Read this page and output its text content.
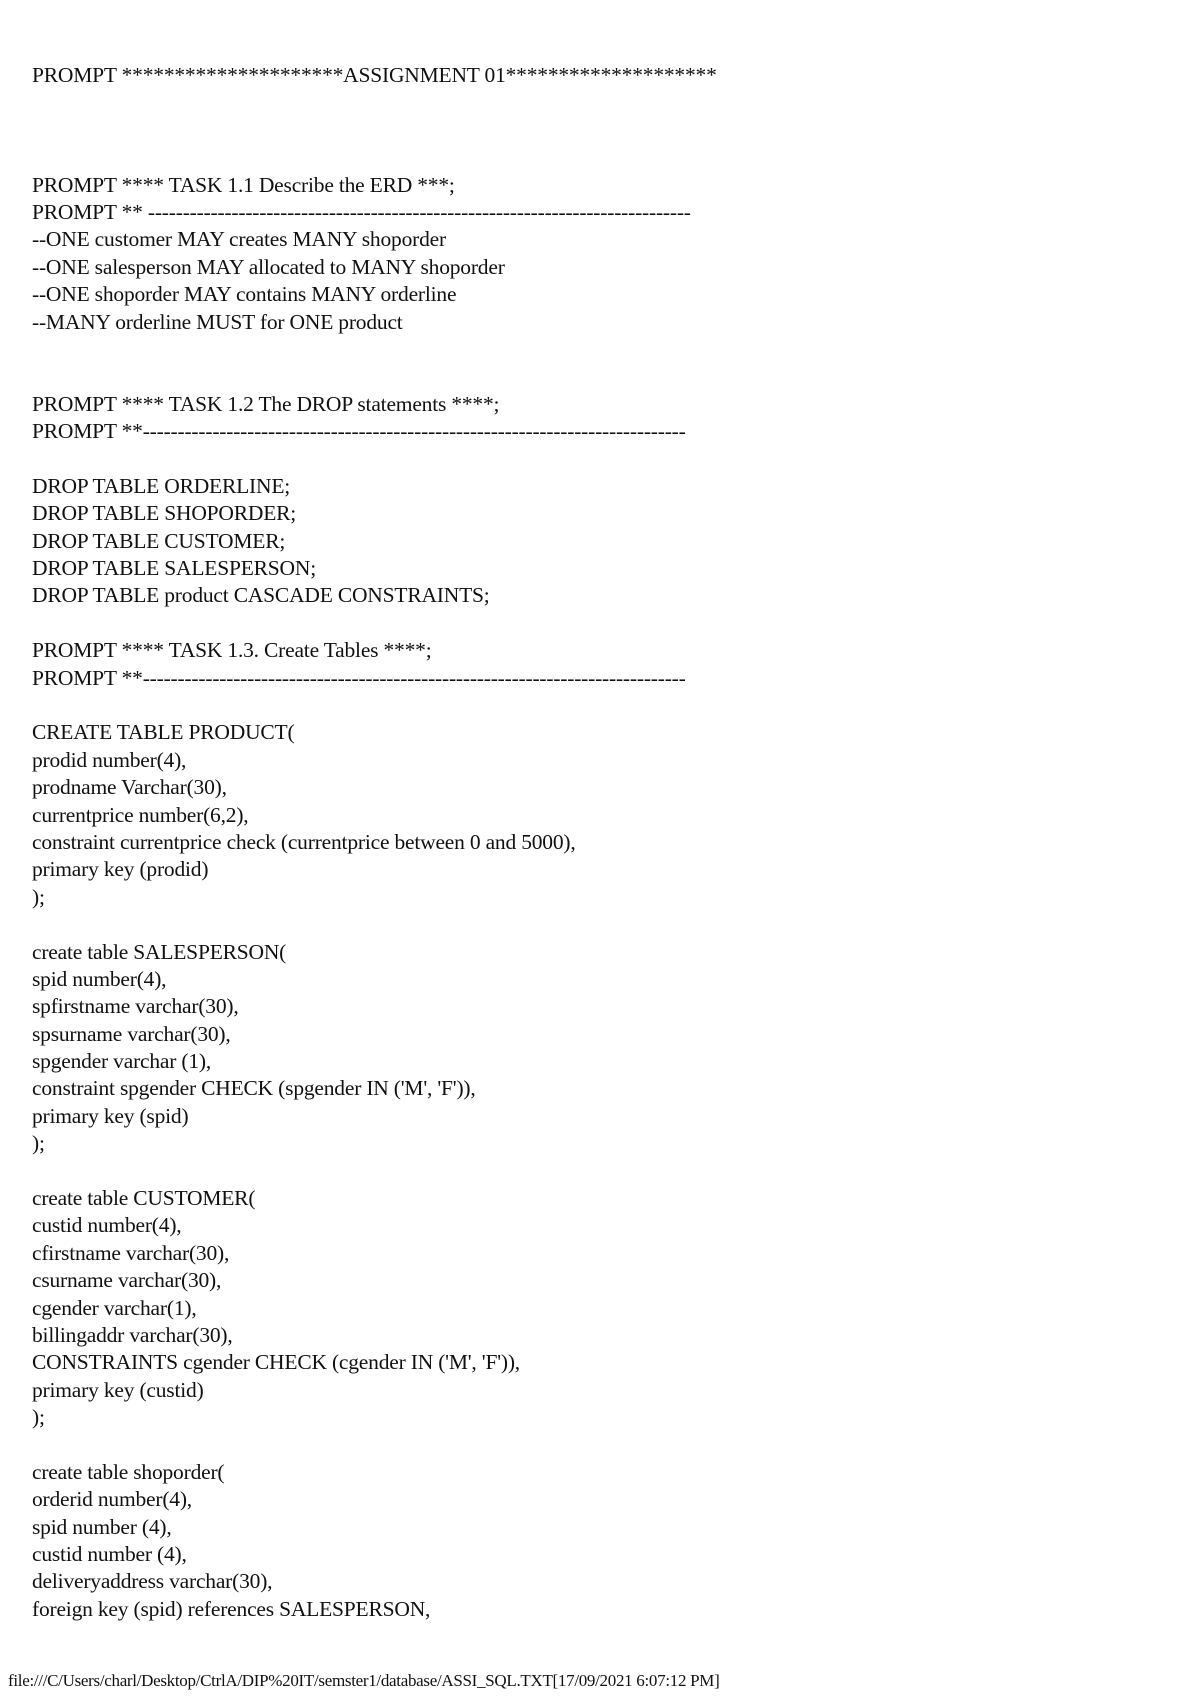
PROMPT *********************ASSIGNMENT 01********************
PROMPT **** TASK 1.1 Describe the ERD ***;
PROMPT ** ------------------------------------------------------------------------------
--ONE customer MAY creates MANY shoporder
--ONE salesperson MAY allocated to MANY shoporder
--ONE shoporder MAY contains MANY orderline
--MANY orderline MUST for ONE product
PROMPT **** TASK 1.2 The DROP statements ****;
PROMPT **------------------------------------------------------------------------------
DROP TABLE ORDERLINE;
DROP TABLE SHOPORDER;
DROP TABLE CUSTOMER;
DROP TABLE SALESPERSON;
DROP TABLE product CASCADE CONSTRAINTS;
PROMPT **** TASK 1.3. Create Tables ****;
PROMPT **------------------------------------------------------------------------------
CREATE TABLE PRODUCT(
prodid number(4),
prodname Varchar(30),
currentprice number(6,2),
constraint currentprice check (currentprice between 0 and 5000),
primary key (prodid)
);
create table SALESPERSON(
spid number(4),
spfirstname varchar(30),
spsurname varchar(30),
spgender varchar (1),
constraint spgender CHECK (spgender IN ('M', 'F')),
primary key (spid)
);
create table CUSTOMER(
custid number(4),
cfirstname varchar(30),
csurname varchar(30),
cgender varchar(1),
billingaddr varchar(30),
CONSTRAINTS cgender CHECK (cgender IN ('M', 'F')),
primary key (custid)
);
create table shoporder(
orderid number(4),
spid number (4),
custid number (4),
deliveryaddress varchar(30),
foreign key (spid) references SALESPERSON,
file:///C/Users/charl/Desktop/CtrlA/DIP%20IT/semster1/database/ASSI_SQL.TXT[17/09/2021 6:07:12 PM]
